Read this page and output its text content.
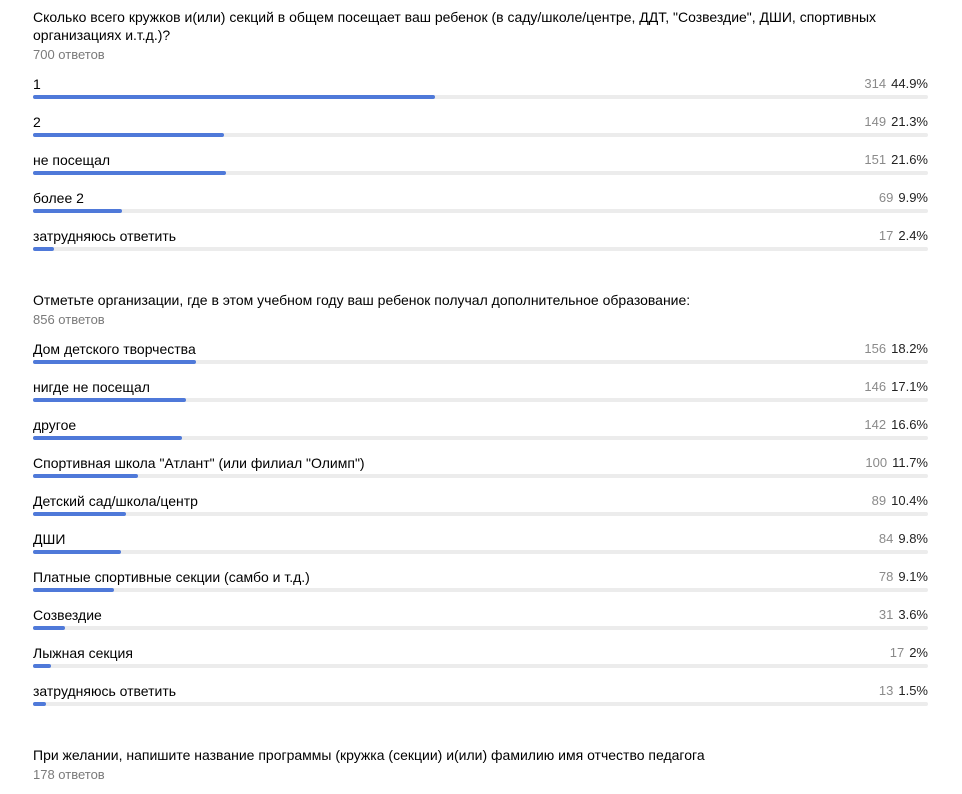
Сколько всего кружков и(или) секций в общем посещает ваш ребенок (в саду/школе/центре, ДДТ, "Созвездие", ДШИ, спортивных организациях и.т.д.)?

700 ответов
1	314 44.9%
2	149 21.3%
не посещал	151 21.6%
более 2	69 9.9%
затрудняюсь ответить	17 2.4%

Отметьте организации, где в этом учебном году ваш ребенок получал дополнительное образование:

856 ответов
Дом детского творчества	156 18.2%
нигде не посещал	146 17.1%
другое	142 16.6%
Спортивная школа "Атлант" (или филиал "Олимп")	100 11.7%
Детский сад/школа/центр	89 10.4%
ДШИ	84 9.8%
Платные спортивные секции (самбо и т.д.)	78 9.1%
Созвездие	31 3.6%
Лыжная секция	17 2%
затрудняюсь ответить	13 1.5%

При желании, напишите название программы (кружка (секции) и(или) фамилию имя отчество педагога

178 ответов
